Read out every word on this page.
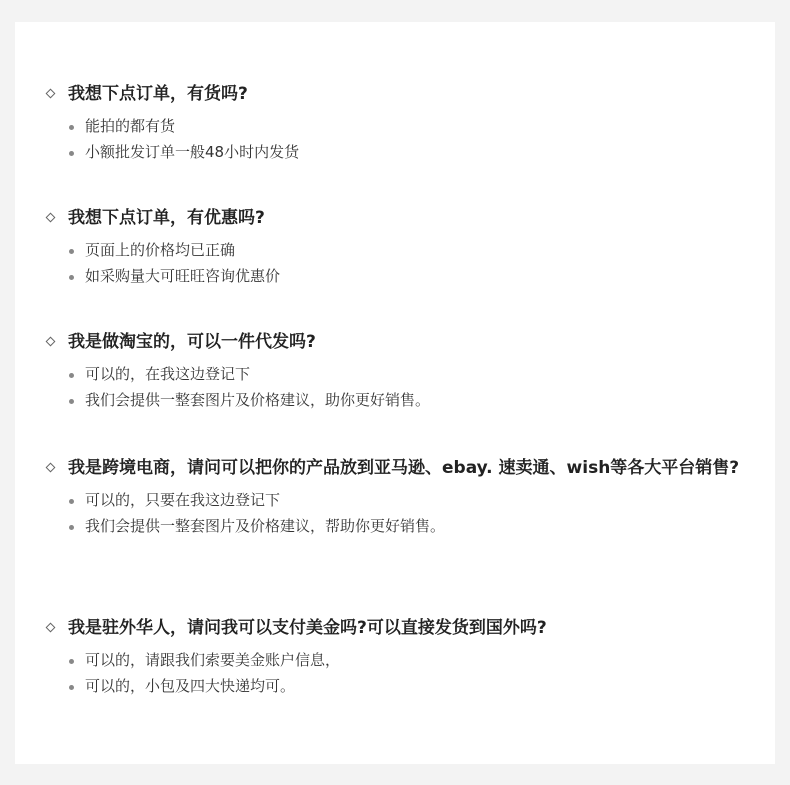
我想下点订单，有货吗?
能拍的都有货
小额批发订单一般48小时内发货
我想下点订单，有优惠吗?
页面上的价格均已正确
如采购量大可旺旺咨询优惠价
我是做淘宝的，可以一件代发吗?
可以的，在我这边登记下
我们会提供一整套图片及价格建议，助你更好销售。
我是跨境电商，请问可以把你的产品放到亚马逊、ebay. 速卖通、wish等各大平台销售?
可以的，只要在我这边登记下
我们会提供一整套图片及价格建议，帮助你更好销售。
我是驻外华人，请问我可以支付美金吗?可以直接发货到国外吗?
可以的，请跟我们索要美金账户信息，
可以的，小包及四大快递均可。
